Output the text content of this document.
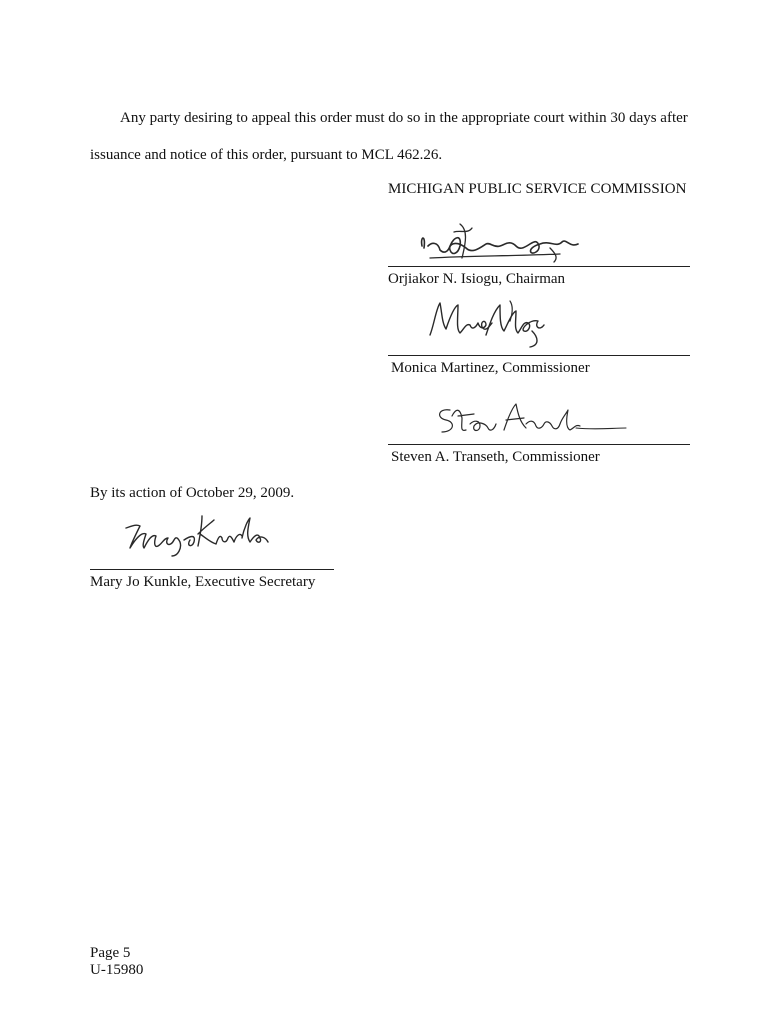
Any party desiring to appeal this order must do so in the appropriate court within 30 days after
issuance and notice of this order, pursuant to MCL 462.26.
MICHIGAN PUBLIC SERVICE COMMISSION
Orjiakor N. Isiogu, Chairman
Monica Martinez, Commissioner
Steven A. Transeth, Commissioner
By its action of October 29, 2009.
Mary Jo Kunkle, Executive Secretary
Page 5
U-15980
